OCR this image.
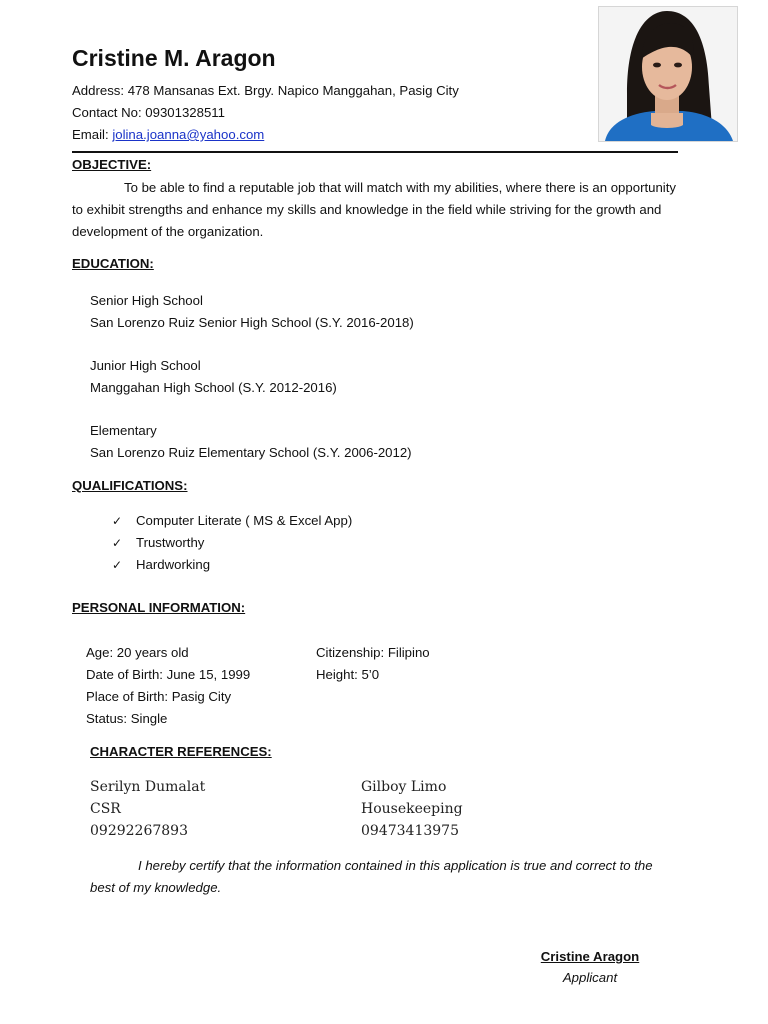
Cristine M. Aragon
Address: 478 Mansanas Ext. Brgy. Napico Manggahan, Pasig City
Contact No: 09301328511
Email: jolina.joanna@yahoo.com
OBJECTIVE:
To be able to find a reputable job that will match with my abilities, where there is an opportunity to exhibit strengths and enhance my skills and knowledge in the field while striving for the growth and development of the organization.
EDUCATION:
Senior High School
San Lorenzo Ruiz Senior High School (S.Y. 2016-2018)
Junior High School
Manggahan High School (S.Y. 2012-2016)
Elementary
San Lorenzo Ruiz Elementary School (S.Y. 2006-2012)
QUALIFICATIONS:
✓ Computer Literate ( MS & Excel App)
✓ Trustworthy
✓ Hardworking
PERSONAL INFORMATION:
Age: 20 years old
Date of Birth: June 15, 1999
Place of Birth: Pasig City
Status: Single
Citizenship: Filipino
Height: 5’0
CHARACTER REFERENCES:
Serilyn Dumalat
CSR
09292267893
Gilboy Limo
Housekeeping
09473413975
I hereby certify that the information contained in this application is true and correct to the best of my knowledge.
Cristine Aragon
Applicant
